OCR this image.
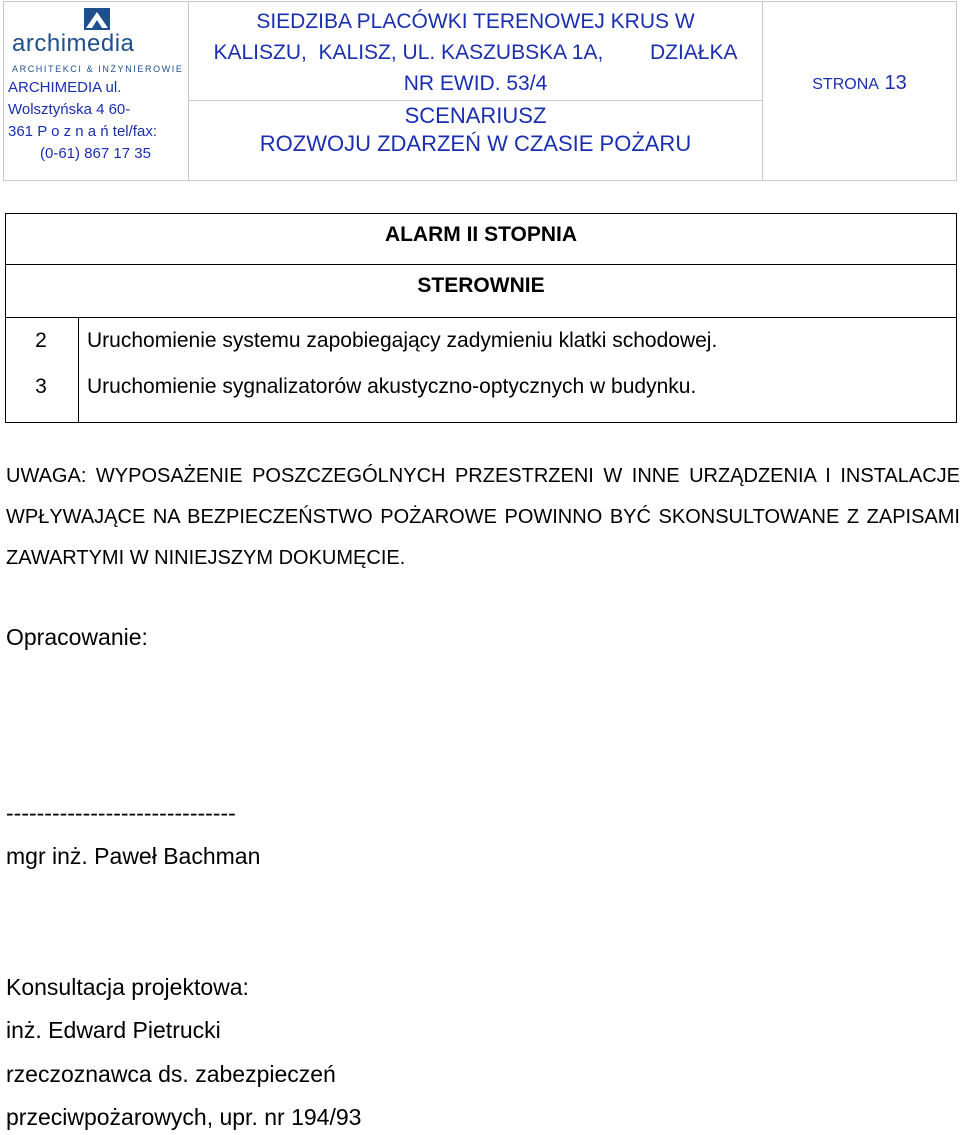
archimedia
ARCHITEKCI & INŻYNIEROWIE
ARCHIMEDIA ul.
Wolsztyńska 4 60-
361 P o z n a ń tel/fax:
(0-61) 867 17 35
SIEDZIBA PLACÓWKI TERENOWEJ KRUS W
KALISZU,  KALISZ, UL. KASZUBSKA 1A,        DZIAŁKA
NR EWID. 53/4
SCENARIUSZ
ROZWOJU ZDARZEŃ W CZASIE POŻARU
STRONA 13
ALARM II STOPNIA
STEROWNIE
2	Uruchomienie systemu zapobiegający zadymieniu klatki schodowej.
3	Uruchomienie sygnalizatorów akustyczno-optycznych w budynku.
UWAGA: WYPOSAŻENIE POSZCZEGÓLNYCH PRZESTRZENI W INNE URZĄDZENIA I INSTALACJE WPŁYWAJĄCE NA BEZPIECZEŃSTWO POŻAROWE POWINNO BYĆ SKONSULTOWANE Z ZAPISAMI ZAWARTYMI W NINIEJSZYM DOKUMĘCIE.
Opracowanie:
------------------------------
mgr inż. Paweł Bachman
Konsultacja projektowa:
inż. Edward Pietrucki
rzeczoznawca ds. zabezpieczeń
przeciwpożarowych, upr. nr 194/93
